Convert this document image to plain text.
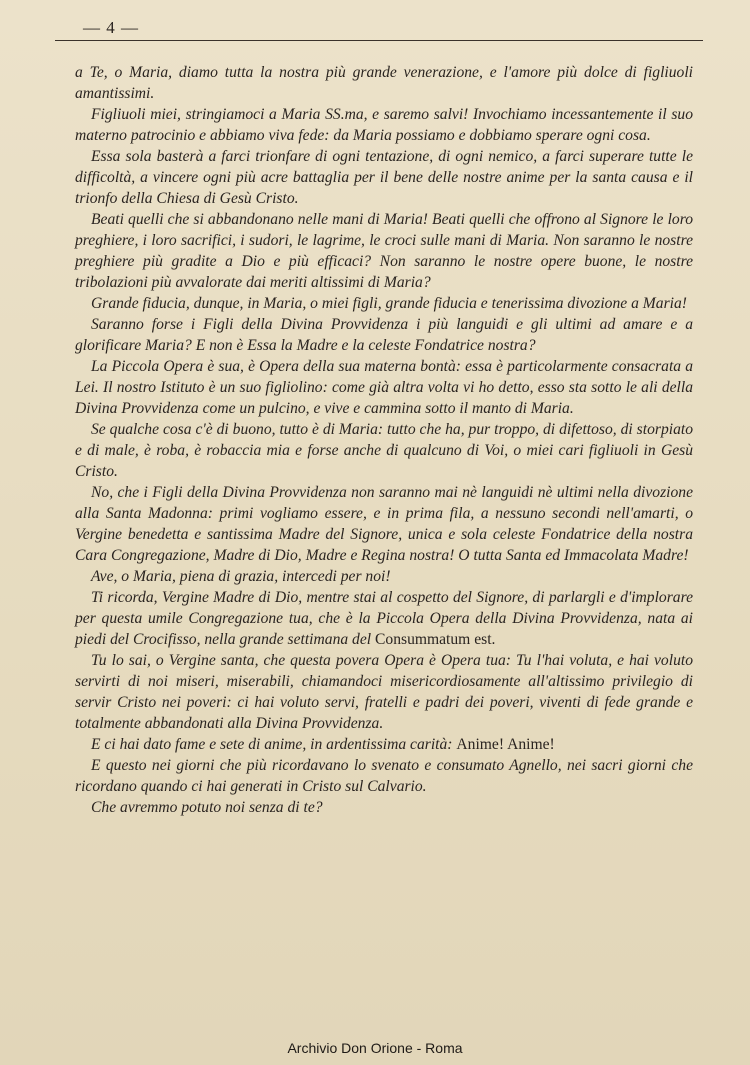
— 4 —

a Te, o Maria, diamo tutta la nostra più grande venerazione, e l'amore più dolce di figliuoli amantissimi.

Figliuoli miei, stringiamoci a Maria SS.ma, e saremo salvi! Invochiamo incessantemente il suo materno patrocinio e abbiamo viva fede: da Maria possiamo e dobbiamo sperare ogni cosa.

Essa sola basterà a farci trionfare di ogni tentazione, di ogni nemico, a farci superare tutte le difficoltà, a vincere ogni più acre battaglia per il bene delle nostre anime per la santa causa e il trionfo della Chiesa di Gesù Cristo.

Beati quelli che si abbandonano nelle mani di Maria! Beati quelli che offrono al Signore le loro preghiere, i loro sacrifici, i sudori, le lagrime, le croci sulle mani di Maria. Non saranno le nostre preghiere più gradite a Dio e più efficaci? Non saranno le nostre opere buone, le nostre tribolazioni più avvalorate dai meriti altissimi di Maria?

Grande fiducia, dunque, in Maria, o miei figli, grande fiducia e tenerissima divozione a Maria!

Saranno forse i Figli della Divina Provvidenza i più languidi e gli ultimi ad amare e a glorificare Maria? E non è Essa la Madre e la celeste Fondatrice nostra?

La Piccola Opera è sua, è Opera della sua materna bontà: essa è particolarmente consacrata a Lei. Il nostro Istituto è un suo figliolino: come già altra volta vi ho detto, esso sta sotto le ali della Divina Provvidenza come un pulcino, e vive e cammina sotto il manto di Maria.

Se qualche cosa c'è di buono, tutto è di Maria: tutto che ha, pur troppo, di difettoso, di storpiato e di male, è roba, è robaccia mia e forse anche di qualcuno di Voi, o miei cari figliuoli in Gesù Cristo.

No, che i Figli della Divina Provvidenza non saranno mai nè languidi nè ultimi nella divozione alla Santa Madonna: primi vogliamo essere, e in prima fila, a nessuno secondi nell'amarti, o Vergine benedetta e santissima Madre del Signore, unica e sola celeste Fondatrice della nostra Cara Congregazione, Madre di Dio, Madre e Regina nostra! O tutta Santa ed Immacolata Madre!

Ave, o Maria, piena di grazia, intercedi per noi!

Ti ricorda, Vergine Madre di Dio, mentre stai al cospetto del Signore, di parlargli e d'implorare per questa umile Congregazione tua, che è la Piccola Opera della Divina Provvidenza, nata ai piedi del Crocifisso, nella grande settimana del Consummatum est.

Tu lo sai, o Vergine santa, che questa povera Opera è Opera tua: Tu l'hai voluta, e hai voluto servirti di noi miseri, miserabili, chiamandoci misericordiosamente all'altissimo privilegio di servir Cristo nei poveri: ci hai voluto servi, fratelli e padri dei poveri, viventi di fede grande e totalmente abbandonati alla Divina Provvidenza.

E ci hai dato fame e sete di anime, in ardentissima carità: Anime! Anime!

E questo nei giorni che più ricordavano lo svenato e consumato Agnello, nei sacri giorni che ricordano quando ci hai generati in Cristo sul Calvario.

Che avremmo potuto noi senza di te?

Archivio Don Orione - Roma
